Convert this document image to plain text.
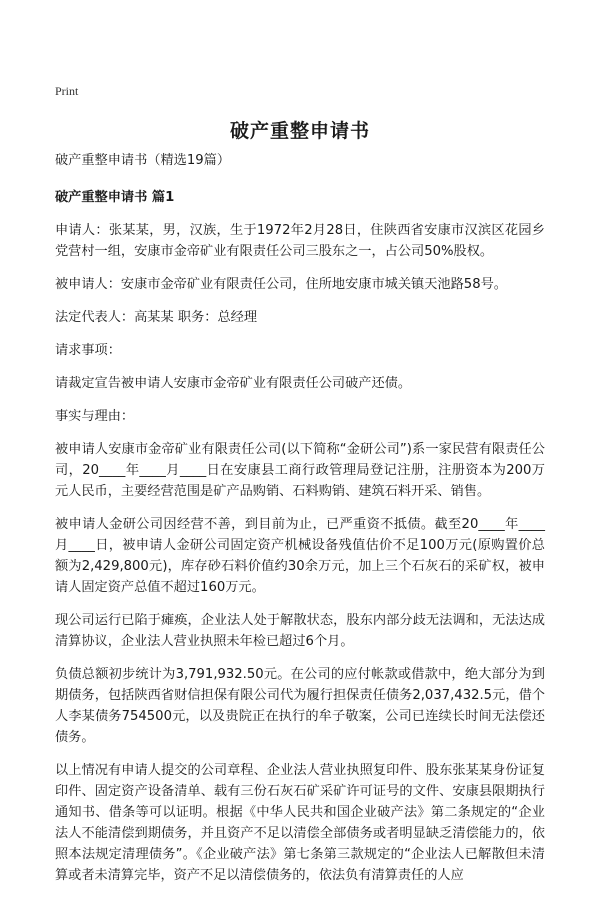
Print
破产重整申请书

破产重整申请书（精选19篇）

破产重整申请书 篇1

申请人：张某某，男，汉族，生于1972年2月28日，住陕西省安康市汉滨区花园乡党营村一组，安康市金帝矿业有限责任公司三股东之一，占公司50%股权。

被申请人：安康市金帝矿业有限责任公司，住所地安康市城关镇天池路58号。

法定代表人：高某某 职务：总经理

请求事项：

请裁定宣告被申请人安康市金帝矿业有限责任公司破产还债。

事实与理由：

被申请人安康市金帝矿业有限责任公司(以下简称“金研公司”)系一家民营有限责任公司，20____年____月____日在安康县工商行政管理局登记注册，注册资本为200万元人民币，主要经营范围是矿产品购销、石料购销、建筑石料开采、销售。

被申请人金研公司因经营不善，到目前为止，已严重资不抵债。截至20____年____月____日，被申请人金研公司固定资产机械设备残值估价不足100万元(原购置价总额为2,429,800元)，库存砂石料价值约30余万元，加上三个石灰石的采矿权，被申请人固定资产总值不超过160万元。

现公司运行已陷于瘫痪，企业法人处于解散状态，股东内部分歧无法调和，无法达成清算协议，企业法人营业执照未年检已超过6个月。

负债总额初步统计为3,791,932.50元。在公司的应付帐款或借款中，绝大部分为到期债务，包括陕西省财信担保有限公司代为履行担保责任债务2,037,432.5元，借个人李某债务754500元，以及贵院正在执行的牟子敬案，公司已连续长时间无法偿还债务。

以上情况有申请人提交的公司章程、企业法人营业执照复印件、股东张某某身份证复印件、固定资产设备清单、载有三份石灰石矿采矿许可证号的文件、安康县限期执行通知书、借条等可以证明。根据《中华人民共和国企业破产法》第二条规定的“企业法人不能清偿到期债务，并且资产不足以清偿全部债务或者明显缺乏清偿能力的，依照本法规定清理债务”。《企业破产法》第七条第三款规定的“企业法人已解散但未清算或者未清算完毕，资产不足以清偿债务的，依法负有清算责任的人应
